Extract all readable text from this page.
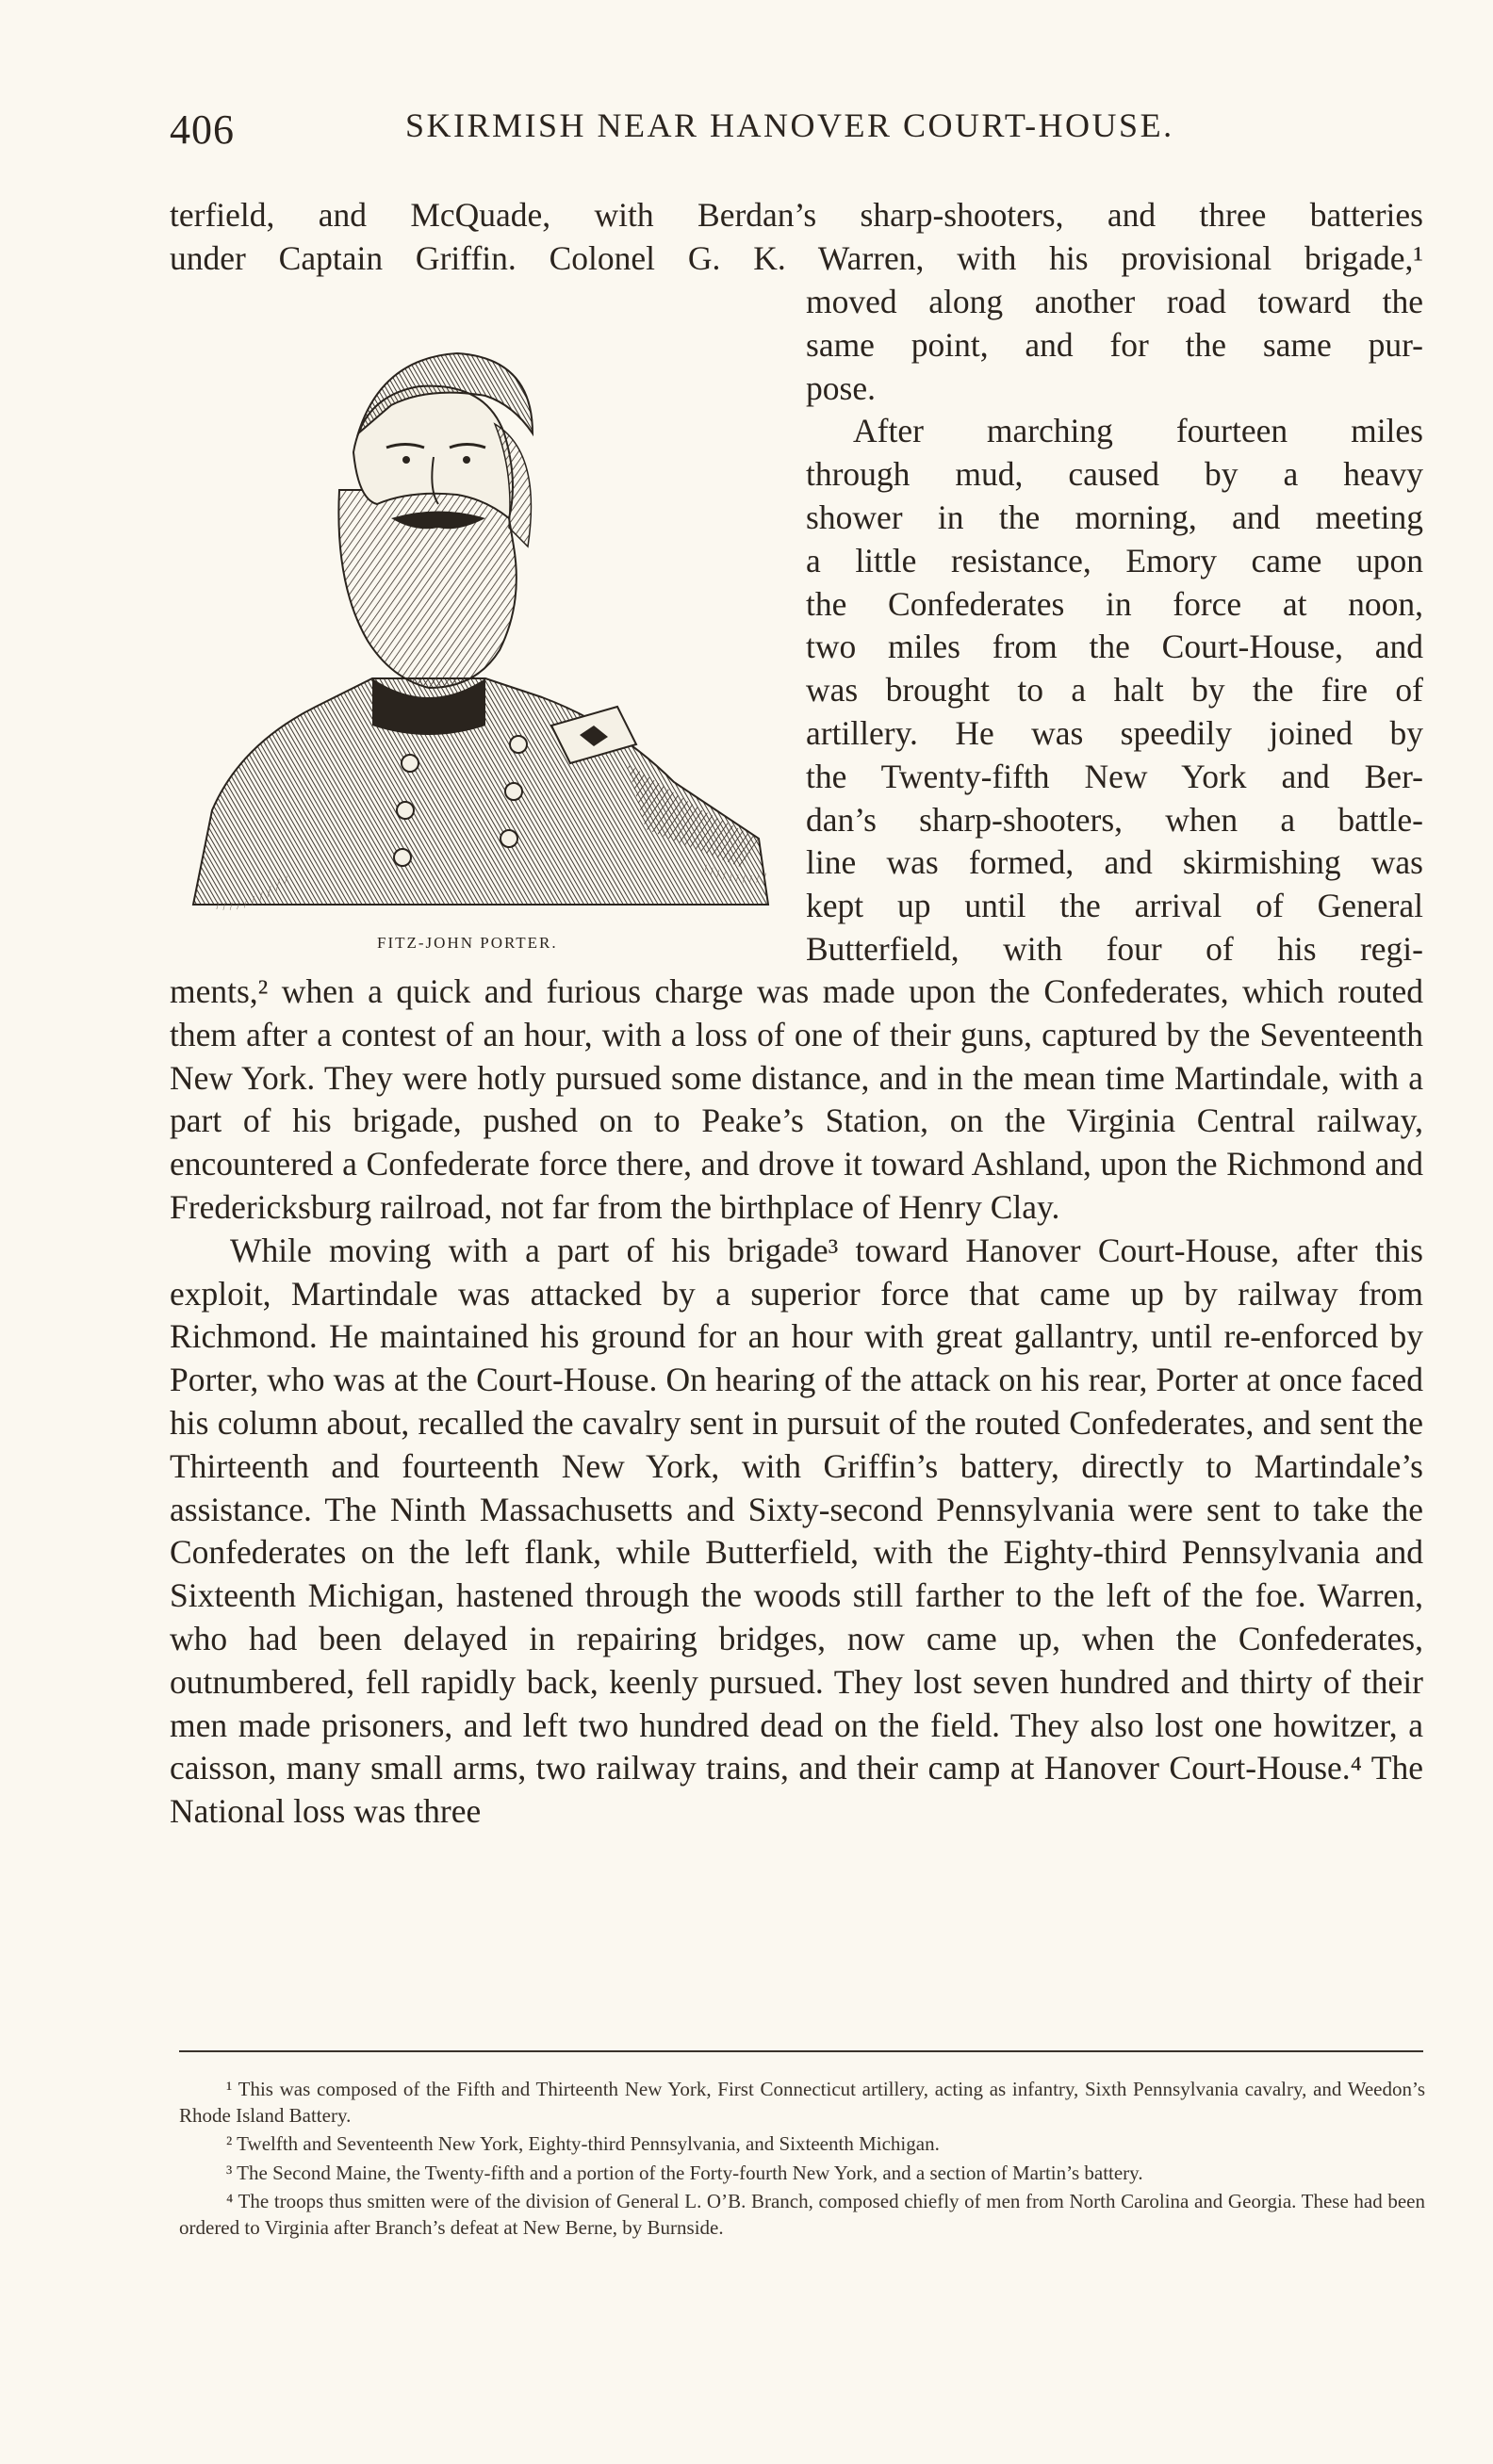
406	SKIRMISH NEAR HANOVER COURT-HOUSE.

terfield, and McQuade, with Berdan’s sharp-shooters, and three batteries

under Captain Griffin. Colonel G. K. Warren, with his provisional brigade,¹

moved along another road toward the

same point, and for the same pur-

pose.

After marching fourteen miles

through mud, caused by a heavy

shower in the morning, and meeting

a little resistance, Emory came upon

the Confederates in force at noon,

two miles from the Court-House, and

was brought to a halt by the fire of

artillery. He was speedily joined by

the Twenty-fifth New York and Ber-

dan’s sharp-shooters, when a battle-

line was formed, and skirmishing was

kept up until the arrival of General

Butterfield, with four of his regi-

FITZ-JOHN PORTER.

ments,² when a quick and furious charge was made upon the Confederates, which routed them after a contest of an hour, with a loss of one of their guns, captured by the Seventeenth New York. They were hotly pursued some distance, and in the mean time Martindale, with a part of his brigade, pushed on to Peake’s Station, on the Virginia Central railway, encountered a Confederate force there, and drove it toward Ashland, upon the Richmond and Fredericksburg railroad, not far from the birthplace of Henry Clay.

While moving with a part of his brigade³ toward Hanover Court-House, after this exploit, Martindale was attacked by a superior force that came up by railway from Richmond. He maintained his ground for an hour with great gallantry, until re-enforced by Porter, who was at the Court-House. On hearing of the attack on his rear, Porter at once faced his column about, recalled the cavalry sent in pursuit of the routed Confederates, and sent the Thirteenth and fourteenth New York, with Griffin’s battery, directly to Martindale’s assistance. The Ninth Massachusetts and Sixty-second Pennsylvania were sent to take the Confederates on the left flank, while Butterfield, with the Eighty-third Pennsylvania and Sixteenth Michigan, hastened through the woods still farther to the left of the foe. Warren, who had been delayed in repairing bridges, now came up, when the Confederates, outnumbered, fell rapidly back, keenly pursued. They lost seven hundred and thirty of their men made prisoners, and left two hundred dead on the field. They also lost one howitzer, a caisson, many small arms, two railway trains, and their camp at Hanover Court-House.⁴ The National loss was three

¹ This was composed of the Fifth and Thirteenth New York, First Connecticut artillery, acting as infantry, Sixth Pennsylvania cavalry, and Weedon’s Rhode Island Battery.

² Twelfth and Seventeenth New York, Eighty-third Pennsylvania, and Sixteenth Michigan.

³ The Second Maine, the Twenty-fifth and a portion of the Forty-fourth New York, and a section of Martin’s battery.

⁴ The troops thus smitten were of the division of General L. O’B. Branch, composed chiefly of men from North Carolina and Georgia. These had been ordered to Virginia after Branch’s defeat at New Berne, by Burnside.
